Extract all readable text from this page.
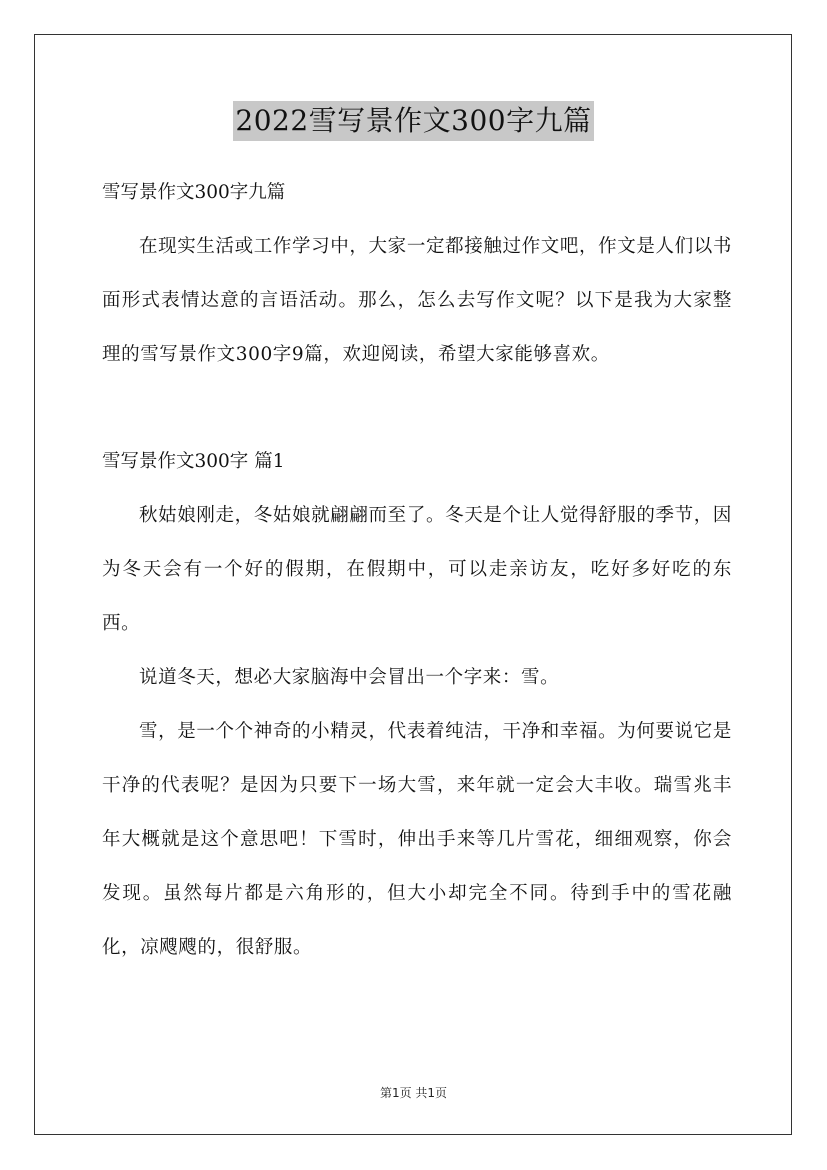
2022雪写景作文300字九篇

雪写景作文300字九篇

在现实生活或工作学习中，大家一定都接触过作文吧，作文是人们以书面形式表情达意的言语活动。那么，怎么去写作文呢？以下是我为大家整理的雪写景作文300字9篇，欢迎阅读，希望大家能够喜欢。

雪写景作文300字 篇1

秋姑娘刚走，冬姑娘就翩翩而至了。冬天是个让人觉得舒服的季节，因为冬天会有一个好的假期，在假期中，可以走亲访友，吃好多好吃的东西。

说道冬天，想必大家脑海中会冒出一个字来：雪。

雪，是一个个神奇的小精灵，代表着纯洁，干净和幸福。为何要说它是干净的代表呢？是因为只要下一场大雪，来年就一定会大丰收。瑞雪兆丰年大概就是这个意思吧！下雪时，伸出手来等几片雪花，细细观察，你会发现。虽然每片都是六角形的，但大小却完全不同。待到手中的雪花融化，凉飕飕的，很舒服。

第1页 共1页
